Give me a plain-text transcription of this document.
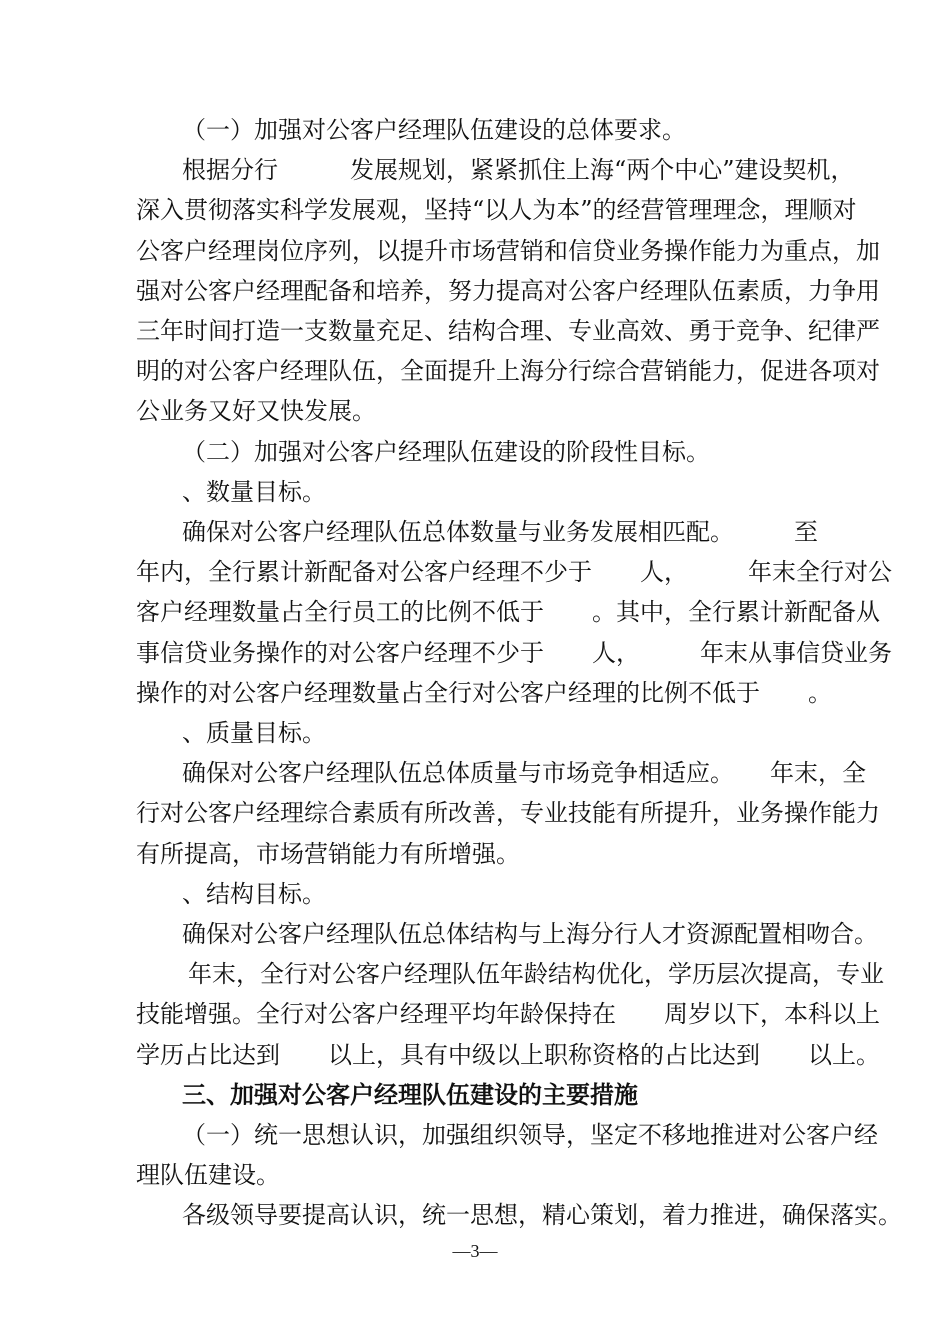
（一）加强对公客户经理队伍建设的总体要求。

根据分行　　　发展规划，紧紧抓住上海“两个中心”建设契机，

深入贯彻落实科学发展观，坚持“以人为本”的经营管理理念，理顺对

公客户经理岗位序列，以提升市场营销和信贷业务操作能力为重点，加

强对公客户经理配备和培养，努力提高对公客户经理队伍素质，力争用

三年时间打造一支数量充足、结构合理、专业高效、勇于竞争、纪律严

明的对公客户经理队伍，全面提升上海分行综合营销能力，促进各项对

公业务又好又快发展。

（二）加强对公客户经理队伍建设的阶段性目标。

、数量目标。

确保对公客户经理队伍总体数量与业务发展相匹配。　　　至

年内，全行累计新配备对公客户经理不少于　　人，　　　年末全行对公

客户经理数量占全行员工的比例不低于　　。其中，全行累计新配备从

事信贷业务操作的对公客户经理不少于　　人，　　　年末从事信贷业务

操作的对公客户经理数量占全行对公客户经理的比例不低于　　。

、质量目标。

确保对公客户经理队伍总体质量与市场竞争相适应。　　年末，全

行对公客户经理综合素质有所改善，专业技能有所提升，业务操作能力

有所提高，市场营销能力有所增强。

、结构目标。

确保对公客户经理队伍总体结构与上海分行人才资源配置相吻合。

年末，全行对公客户经理队伍年龄结构优化，学历层次提高，专业

技能增强。全行对公客户经理平均年龄保持在　　周岁以下，本科以上

学历占比达到　　以上，具有中级以上职称资格的占比达到　　以上。

三、加强对公客户经理队伍建设的主要措施

（一）统一思想认识，加强组织领导，坚定不移地推进对公客户经

理队伍建设。

各级领导要提高认识，统一思想，精心策划，着力推进，确保落实。

—3—
